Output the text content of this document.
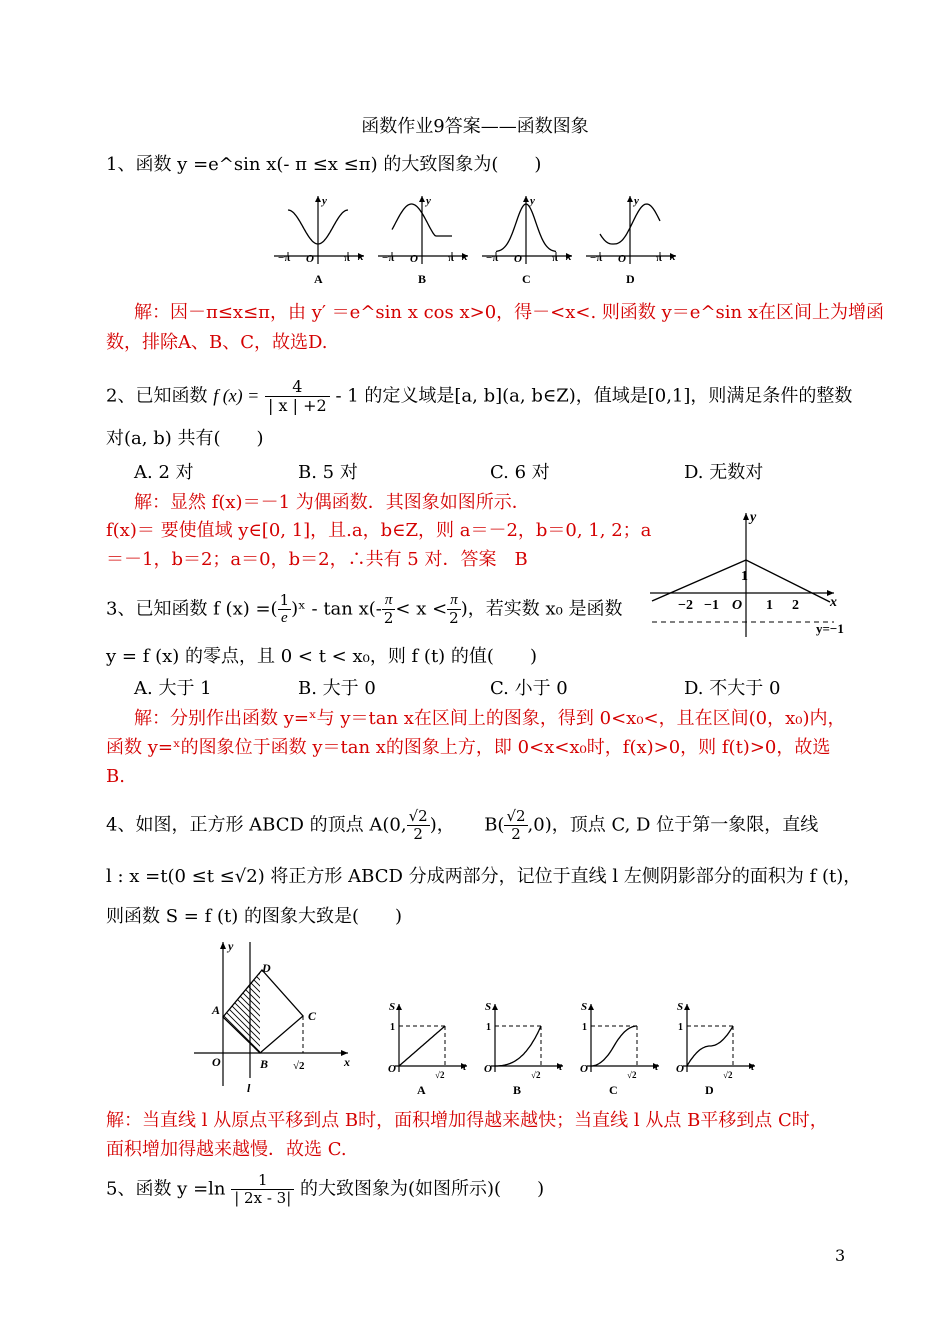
函数作业9答案——函数图象
1、函数 y =e^sin x(- π ≤x ≤π) 的大致图象为(　　)
y
x
−π O	π
A
y
x
−π O	π
B
y
x
−π O	π
C
y
x
−π O	π
D
解：因－π≤x≤π，由 y′ ＝e^sin x cos x>0，得－<x<. 则函数 y＝e^sin x在区间上为增函
数，排除A、B、C，故选D.
2、已知函数 f $(x) = \frac{4}{| x | +2} - 1$ 的定义域是[a, b](a, b∈Z)，值域是[0,1]，则满足条件的整数
对(a, b) 共有(　　)
A. 2 对	B. 5 对	C. 6 对	D. 无数对
解：显然 f(x)＝－1 为偶函数．其图象如图所示．
f(x)＝ 要使值域 y∈[0, 1]，且.a，b∈Z，则 a＝－2，b＝0, 1, 2；a
＝－1，b＝2；a＝0，b＝2，∴共有 5 对．答案　B
y
x
O
1
−2 −1	1 2
y=−1
3、已知函数 f (x) =( $\frac{1}{e}$ )ˣ - $\tan x(- \frac{\pi}{2} < x < \frac{\pi}{2}$ )，若实数 x₀ 是函数
y = f (x) 的零点，且 0 < t < x₀，则 f (t) 的值(　　)
A. 大于 1	B. 大于 0	C. 小于 0	D. 不大于 0
解：分别作出函数 y=ˣ与 y＝tan x在区间上的图象，得到 0<x₀<，且在区间(0，x₀)内，
函数 y=ˣ的图象位于函数 y＝tan x的图象上方，即 0<x<x₀时，f(x)>0，则 f(t)>0，故选
B.
4、如图，正方形 ABCD 的顶点 A(0, $\frac{√2}{2}$ )， $B( \frac{√2}{2} ,0)$，顶点 C, D 位于第一象限，直线
l : x =t(0 ≤t ≤√2) 将正方形 ABCD 分成两部分，记位于直线 l 左侧阴影部分的面积为 f (t)，
则函数 S = f (t) 的图象大致是(　　)
y
x
O
A
B
C
D
l
√2
S
t
O
1
√2
A
S
t
O
1
√2
B
S
t
O
1
√2
C
S
t
O
1
√2
D
解：当直线 l 从原点平移到点 B时，面积增加得越来越快；当直线 l 从点 B平移到点 C时，
面积增加得越来越慢．故选 C.
5、函数 $y =\ln \frac{1}{| 2x - 3|}$ 的大致图象为(如图所示)(　　)
3
